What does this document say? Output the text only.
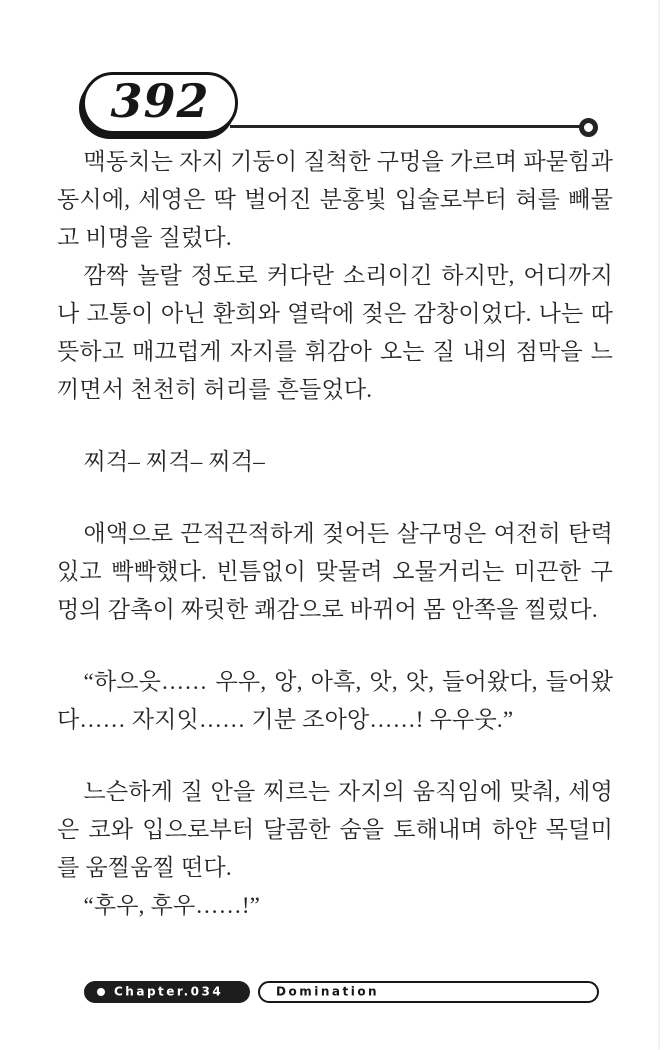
392

맥동치는 자지 기둥이 질척한 구멍을 가르며 파묻힘과 동시에, 세영은 딱 벌어진 분홍빛 입술로부터 혀를 빼물고 비명을 질렀다.

깜짝 놀랄 정도로 커다란 소리이긴 하지만, 어디까지나 고통이 아닌 환희와 열락에 젖은 감창이었다. 나는 따뜻하고 매끄럽게 자지를 휘감아 오는 질 내의 점막을 느끼면서 천천히 허리를 흔들었다.

찌걱– 찌걱– 찌걱–

애액으로 끈적끈적하게 젖어든 살구멍은 여전히 탄력 있고 빡빡했다. 빈틈없이 맞물려 오물거리는 미끈한 구멍의 감촉이 짜릿한 쾌감으로 바뀌어 몸 안쪽을 찔렀다.

“하으읏…… 우우, 앙, 아흑, 앗, 앗, 들어왔다, 들어왔다…… 자지잇…… 기분 조아앙……! 우우웃.”

느슨하게 질 안을 찌르는 자지의 움직임에 맞춰, 세영은 코와 입으로부터 달콤한 숨을 토해내며 하얀 목덜미를 움찔움찔 떤다.

“후우, 후우……!”

Chapter.034	Domination
